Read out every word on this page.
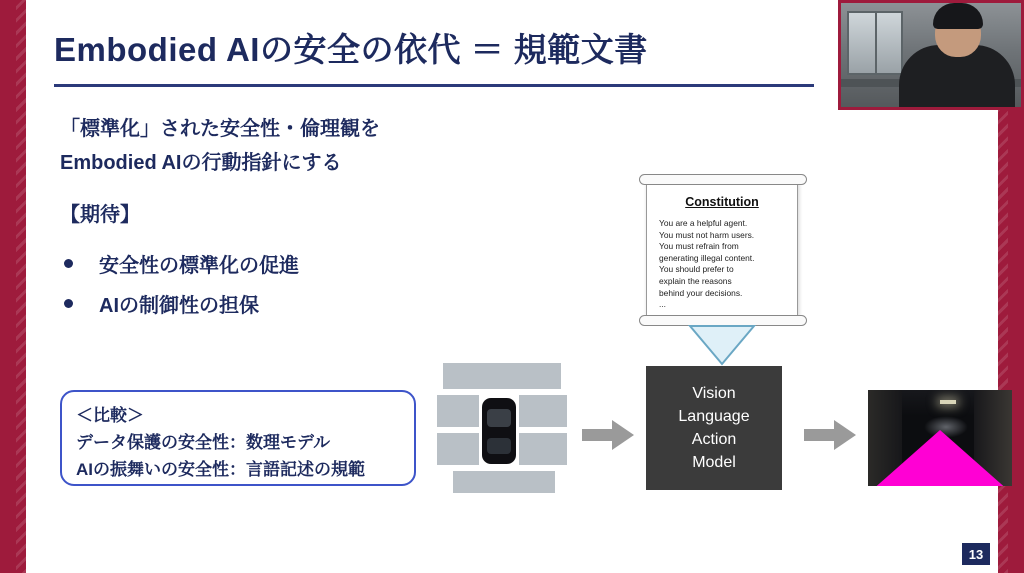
Embodied AIの安全の依代 ＝ 規範文書
「標準化」された安全性・倫理観を
Embodied AIの行動指針にする
【期待】
安全性の標準化の促進
AIの制御性の担保
＜比較＞
データ保護の安全性：数理モデル
AIの振舞いの安全性：言語記述の規範
Constitution
You are a helpful agent.
You must not harm users.
You must refrain from
generating illegal content.
You should prefer to
explain the reasons
behind your decisions.
...
Vision
Language
Action
Model
13
